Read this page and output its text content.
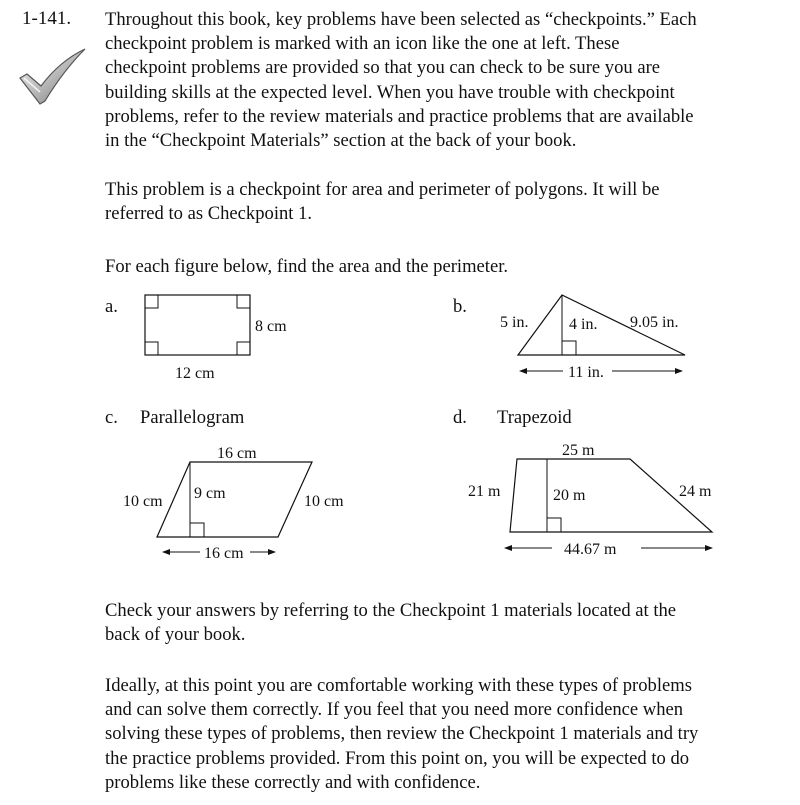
1-141. Throughout this book, key problems have been selected as “checkpoints.” Each
checkpoint problem is marked with an icon like the one at left. These
checkpoint problems are provided so that you can check to be sure you are
building skills at the expected level. When you have trouble with checkpoint
problems, refer to the review materials and practice problems that are available
in the “Checkpoint Materials” section at the back of your book.
This problem is a checkpoint for area and perimeter of polygons. It will be
referred to as Checkpoint 1.
For each figure below, find the area and the perimeter.
a.
8 cm
12 cm
b.
5 in.	4 in. 9.05 in.
11 in.
c. Parallelogram
16 cm
10 cm 9 cm	10 cm
16 cm
d. Trapezoid
25 m
21 m	20 m	24 m
44.67 m
Check your answers by referring to the Checkpoint 1 materials located at the
back of your book.
Ideally, at this point you are comfortable working with these types of problems
and can solve them correctly. If you feel that you need more confidence when
solving these types of problems, then review the Checkpoint 1 materials and try
the practice problems provided. From this point on, you will be expected to do
problems like these correctly and with confidence.
